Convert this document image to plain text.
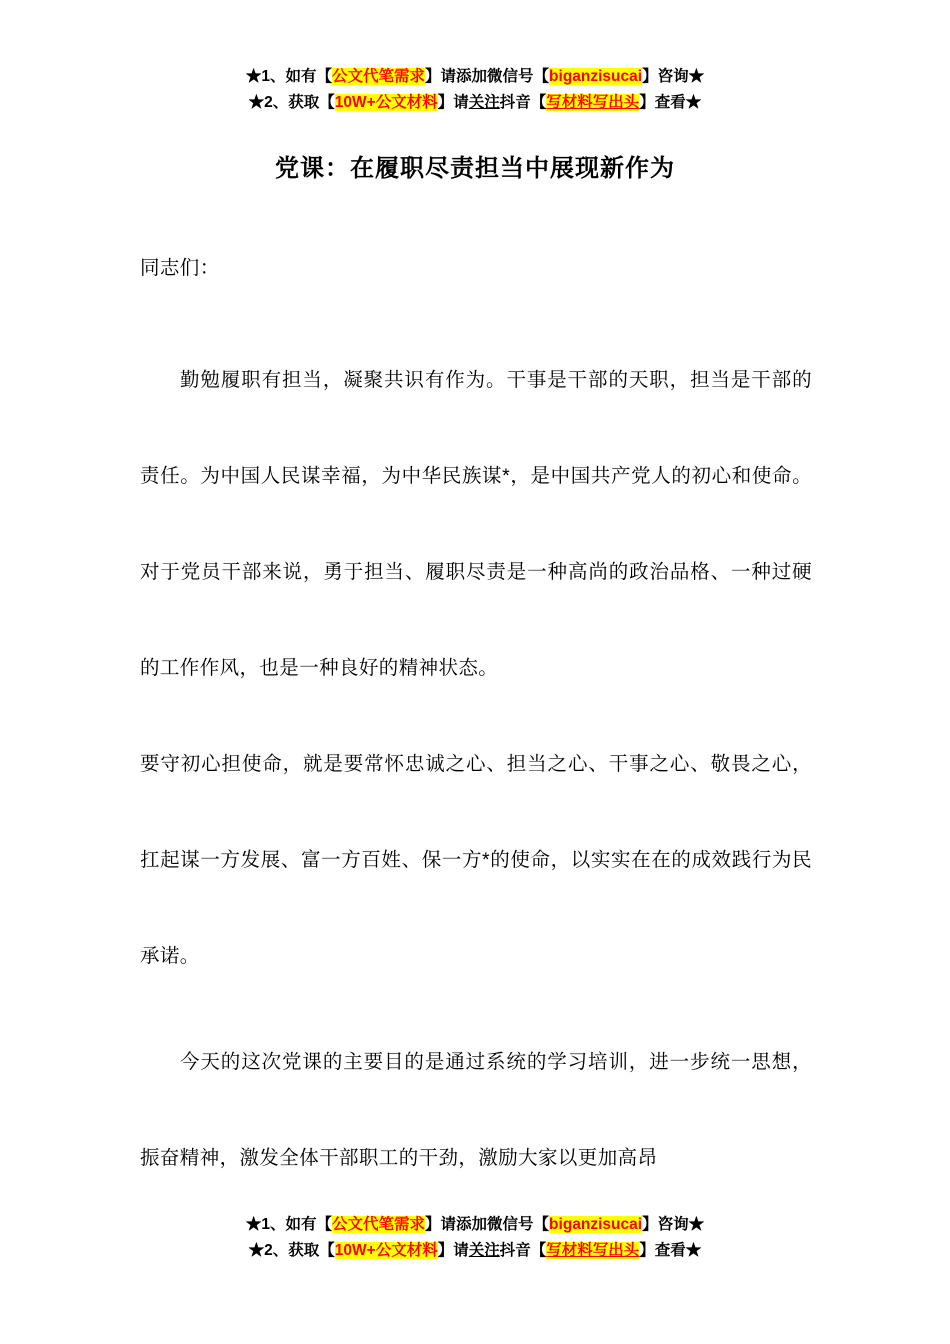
★1、如有【公文代笔需求】请添加微信号【biganzisucai】咨询★
★2、获取【10W+公文材料】请关注抖音【写材料写出头】查看★
党课：在履职尽责担当中展现新作为

同志们：

勤勉履职有担当，凝聚共识有作为。干事是干部的天职，担当是干部的责任。为中国人民谋幸福，为中华民族谋*，是中国共产党人的初心和使命。对于党员干部来说，勇于担当、履职尽责是一种高尚的政治品格、一种过硬的工作作风，也是一种良好的精神状态。

要守初心担使命，就是要常怀忠诚之心、担当之心、干事之心、敬畏之心，扛起谋一方发展、富一方百姓、保一方*的使命，以实实在在的成效践行为民承诺。

今天的这次党课的主要目的是通过系统的学习培训，进一步统一思想，振奋精神，激发全体干部职工的干劲，激励大家以更加高昂

★1、如有【公文代笔需求】请添加微信号【biganzisucai】咨询★
★2、获取【10W+公文材料】请关注抖音【写材料写出头】查看★
